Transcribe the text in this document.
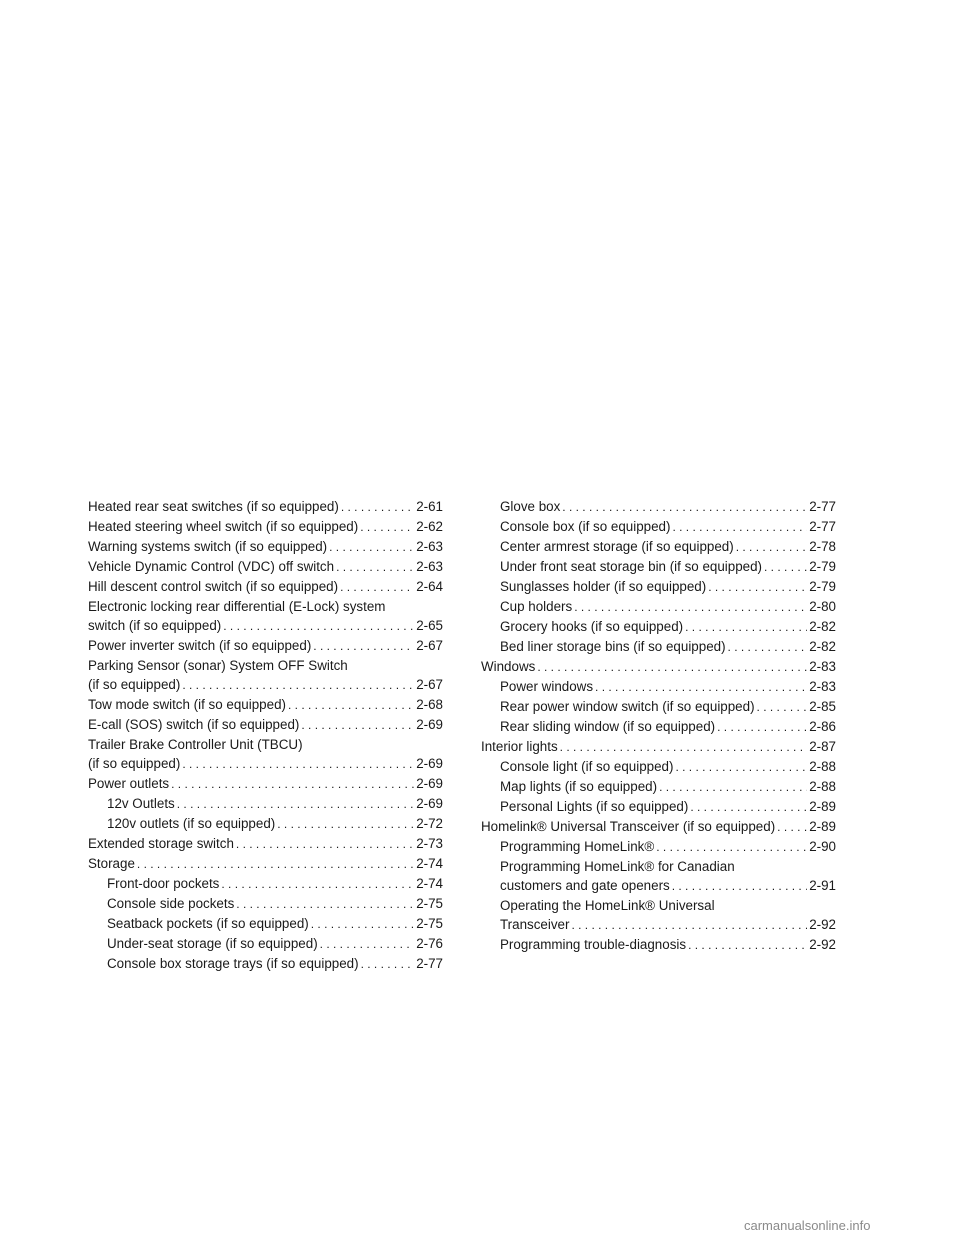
Heated rear seat switches (if so equipped) . . .	2-61
Heated steering wheel switch (if so equipped) . . .	2-62
Warning systems switch (if so equipped) . . .	2-63
Vehicle Dynamic Control (VDC) off switch . . .	2-63
Hill descent control switch (if so equipped) . . .	2-64
Electronic locking rear differential (E-Lock) system
switch (if so equipped) . . .	2-65
Power inverter switch (if so equipped) . . .	2-67
Parking Sensor (sonar) System OFF Switch
(if so equipped) . . .	2-67
Tow mode switch (if so equipped) . . .	2-68
E-call (SOS) switch (if so equipped) . . .	2-69
Trailer Brake Controller Unit (TBCU)
(if so equipped) . . .	2-69
Power outlets . . .	2-69
12v Outlets . . .	2-69
120v outlets (if so equipped) . . .	2-72
Extended storage switch . . .	2-73
Storage . . .	2-74
Front-door pockets . . .	2-74
Console side pockets . . .	2-75
Seatback pockets (if so equipped) . . .	2-75
Under-seat storage (if so equipped) . . .	2-76
Console box storage trays (if so equipped) . . .	2-77
Glove box . . .	2-77
Console box (if so equipped) . . .	2-77
Center armrest storage (if so equipped) . . .	2-78
Under front seat storage bin (if so equipped) . . .	2-79
Sunglasses holder (if so equipped) . . .	2-79
Cup holders . . .	2-80
Grocery hooks (if so equipped) . . .	2-82
Bed liner storage bins (if so equipped) . . .	2-82
Windows . . .	2-83
Power windows . . .	2-83
Rear power window switch (if so equipped) . . .	2-85
Rear sliding window (if so equipped) . . .	2-86
Interior lights . . .	2-87
Console light (if so equipped) . . .	2-88
Map lights (if so equipped) . . .	2-88
Personal Lights (if so equipped) . . .	2-89
Homelink® Universal Transceiver (if so equipped) . . .	2-89
Programming HomeLink® . . .	2-90
Programming HomeLink® for Canadian
customers and gate openers . . .	2-91
Operating the HomeLink® Universal
Transceiver . . .	2-92
Programming trouble-diagnosis . . .	2-92
carmanualsonline.info
